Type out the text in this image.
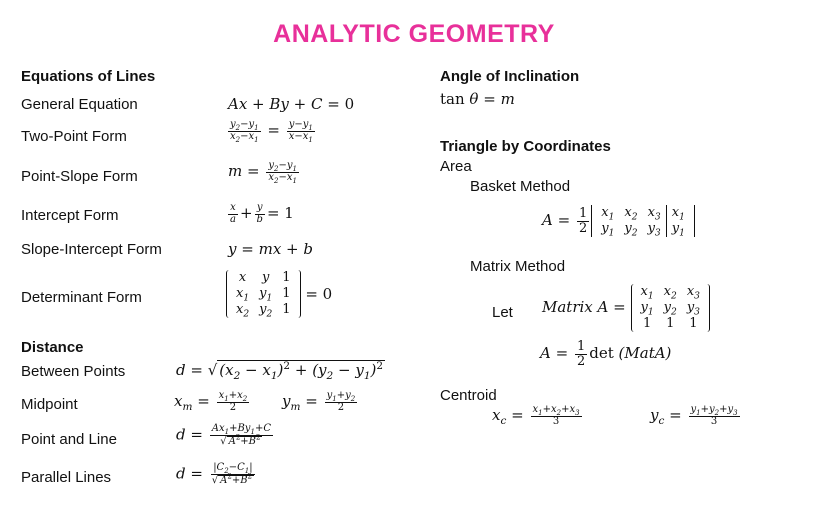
ANALYTIC GEOMETRY
Equations of Lines
General Equation	Ax + By + C = 0
Two-Point Form	$\frac{y_2-y_1}{x_2-x_1} = \frac{y-y_1}{x-x_1}$
Point-Slope Form	$m = \frac{y_2-y_1}{x_2-x_1}$
Intercept Form	$\frac{x}{a} + \frac{y}{b} = 1$
Slope-Intercept Form	y = mx + b
Determinant Form
x	y	1
$x_1$	$y_1$	1
$x_2$	$y_2$	1
= 0
Distance
Between Points	d = √ $(x_2 - x_1)^2 + (y_2 - y_1)^2$
Midpoint	$x_m = \frac{x_1+x_2}{2} y_m = \frac{y_1+y_2}{2}$
Point and Line	$d = \frac{Ax_1+By_1+C}{√ A^2+B^2}$
Parallel Lines	$d = \frac{|C_2-C_1|}{√ A^2+B^2}$
Angle of Inclination
tan θ = m
Triangle by Coordinates
Area
Basket Method
$A = \frac{1}{2} x_1$	$x_2$	$x_3$	$x_1$
$y_1$	$y_2$	$y_3$	$y_1$
Matrix Method
Let Matrix A =
$x_1$	$x_2$	$x_3$
$y_1$	$y_2$	$y_3$
1	1	1
$A = \frac{1}{2}$ det (MatA)
Centroid
$x_c = \frac{x_1+x_2+x_3}{3}$	$y_c = \frac{y_1+y_2+y_3}{3}$
